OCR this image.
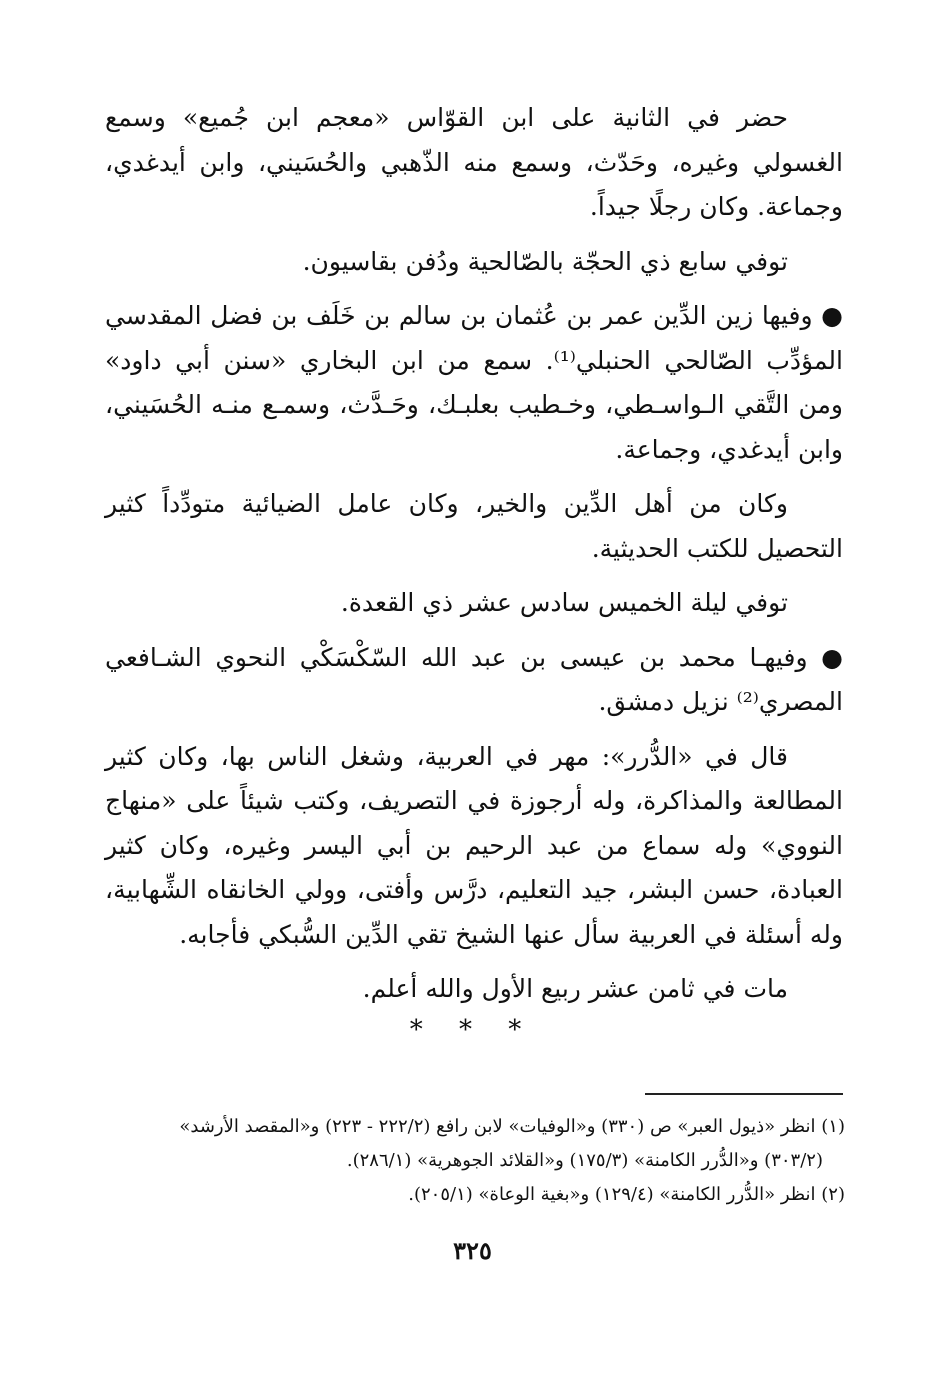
حضر في الثانية على ابن القوّاس «معجم ابن جُميع» وسمع الغسولي وغيره، وحَدّث، وسمع منه الذّهبي والحُسَيني، وابن أيدغدي، وجماعة. وكان رجلًا جيداً.

توفي سابع ذي الحجّة بالصّالحية ودُفن بقاسيون.

● وفيها زين الدِّين عمر بن عُثمان بن سالم بن خَلَف بن فضل المقدسي المؤدِّب الصّالحي الحنبلي⁽¹⁾. سمع من ابن البخاري «سنن أبي داود» ومن التَّقي الـواسـطي، وخـطيب بعلبـك، وحَـدَّث، وسمـع منـه الحُسَيني، وابن أيدغدي، وجماعة.

وكان من أهل الدِّين والخير، وكان عامل الضيائية متودِّداً كثير التحصيل للكتب الحديثية.

توفي ليلة الخميس سادس عشر ذي القعدة.

● وفيهـا محمد بن عيسى بن عبد الله السّكْسَكْي النحوي الشـافعي المصري⁽²⁾ نزيل دمشق.

قال في «الدُّرر»: مهر في العربية، وشغل الناس بها، وكان كثير المطالعة والمذاكرة، وله أرجوزة في التصريف، وكتب شيئاً على «منهاج النووي» وله سماع من عبد الرحيم بن أبي اليسر وغيره، وكان كثير العبادة، حسن البشر، جيد التعليم، درَّس وأفتى، وولي الخانقاه الشِّهابية، وله أسئلة في العربية سأل عنها الشيخ تقي الدِّين السُّبكي فأجابه.

مات في ثامن عشر ربيع الأول والله أعلم.

* * *

(١) انظر «ذيول العبر» ص (٣٣٠) و«الوفيات» لابن رافع (٢٢٢/٢ - ٢٢٣) و«المقصد الأرشد»

(٣٠٣/٢) و«الدُّرر الكامنة» (١٧٥/٣) و«القلائد الجوهرية» (٢٨٦/١).

(٢) انظر «الدُّرر الكامنة» (١٢٩/٤) و«بغية الوعاة» (٢٠٥/١).

٣٢٥
